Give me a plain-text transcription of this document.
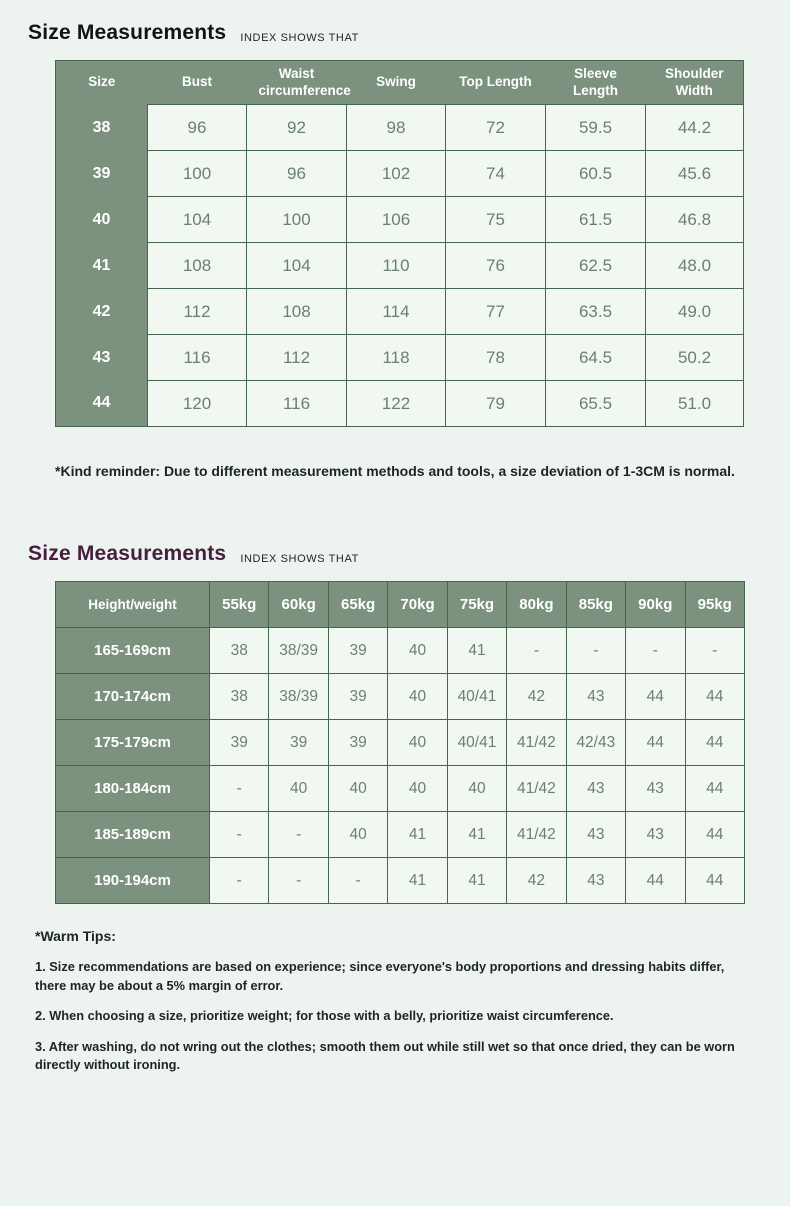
Size Measurements INDEX SHOWS THAT
Size	Bust	Waist circumference	Swing	Top Length	Sleeve Length	Shoulder Width
38	96	92	98	72	59.5	44.2
39	100	96	102	74	60.5	45.6
40	104	100	106	75	61.5	46.8
41	108	104	110	76	62.5	48.0
42	112	108	114	77	63.5	49.0
43	116	112	118	78	64.5	50.2
44	120	116	122	79	65.5	51.0
*Kind reminder: Due to different measurement methods and tools, a size deviation of 1-3CM is normal.
Size Measurements INDEX SHOWS THAT
Height/weight	55kg	60kg	65kg	70kg	75kg	80kg	85kg	90kg	95kg
165-169cm	38	38/39	39	40	41	-	-	-	-
170-174cm	38	38/39	39	40	40/41	42	43	44	44
175-179cm	39	39	39	40	40/41	41/42	42/43	44	44
180-184cm	-	40	40	40	40	41/42	43	43	44
185-189cm	-	-	40	41	41	41/42	43	43	44
190-194cm	-	-	-	41	41	42	43	44	44
*Warm Tips:

1. Size recommendations are based on experience; since everyone's body proportions and dressing habits differ, there may be about a 5% margin of error.

2. When choosing a size, prioritize weight; for those with a belly, prioritize waist circumference.

3. After washing, do not wring out the clothes; smooth them out while still wet so that once dried, they can be worn directly without ironing.
